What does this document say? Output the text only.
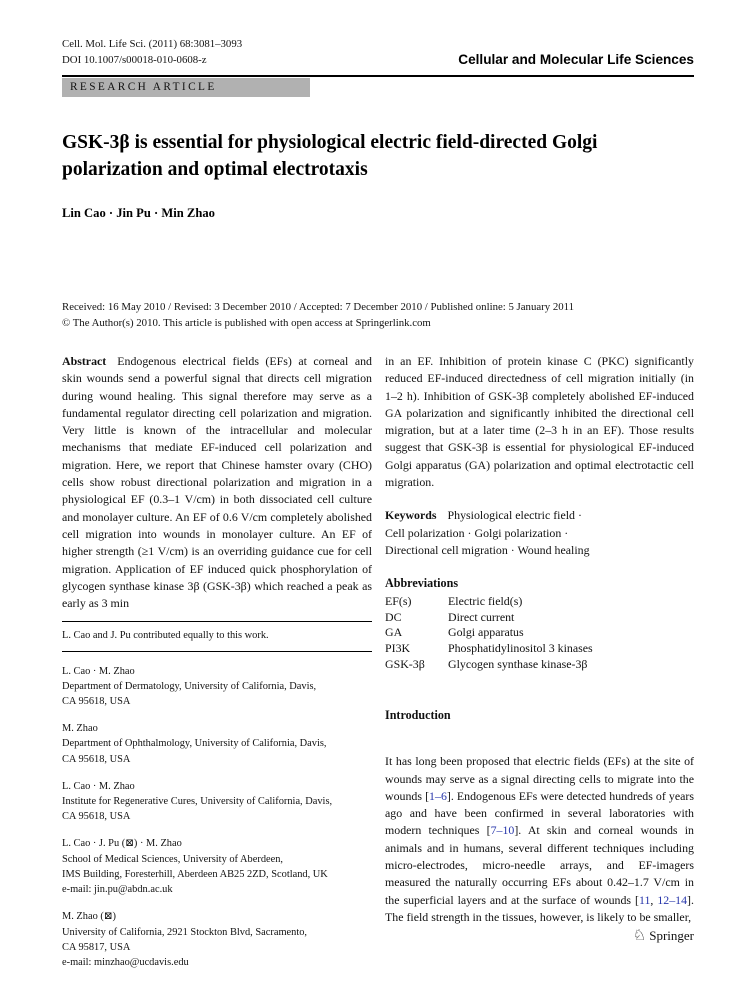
Cell. Mol. Life Sci. (2011) 68:3081–3093
DOI 10.1007/s00018-010-0608-z	Cellular and Molecular Life Sciences
RESEARCH ARTICLE
GSK-3β is essential for physiological electric field-directed Golgi polarization and optimal electrotaxis
Lin Cao · Jin Pu · Min Zhao
Received: 16 May 2010 / Revised: 3 December 2010 / Accepted: 7 December 2010 / Published online: 5 January 2011
© The Author(s) 2010. This article is published with open access at Springerlink.com

Abstract Endogenous electrical fields (EFs) at corneal and skin wounds send a powerful signal that directs cell migration during wound healing. This signal therefore may serve as a fundamental regulator directing cell polarization and migration. Very little is known of the intracellular and molecular mechanisms that mediate EF-induced cell polarization and migration. Here, we report that Chinese hamster ovary (CHO) cells show robust directional polarization and migration in a physiological EF (0.3–1 V/cm) in both dissociated cell culture and monolayer culture. An EF of 0.6 V/cm completely abolished cell migration into wounds in monolayer culture. An EF of higher strength (≥1 V/cm) is an overriding guidance cue for cell migration. Application of EF induced quick phosphorylation of glycogen synthase kinase 3β (GSK-3β) which reached a peak as early as 3 min

L. Cao and J. Pu contributed equally to this work.
L. Cao · M. Zhao
Department of Dermatology, University of California, Davis,
CA 95618, USA
M. Zhao
Department of Ophthalmology, University of California, Davis,
CA 95618, USA
L. Cao · M. Zhao
Institute for Regenerative Cures, University of California, Davis,
CA 95618, USA
L. Cao · J. Pu (⊠) · M. Zhao
School of Medical Sciences, University of Aberdeen,
IMS Building, Foresterhill, Aberdeen AB25 2ZD, Scotland, UK
e-mail: jin.pu@abdn.ac.uk
M. Zhao (⊠)
University of California, 2921 Stockton Blvd, Sacramento,
CA 95817, USA
e-mail: minzhao@ucdavis.edu

in an EF. Inhibition of protein kinase C (PKC) significantly reduced EF-induced directedness of cell migration initially (in 1–2 h). Inhibition of GSK-3β completely abolished EF-induced GA polarization and significantly inhibited the directional cell migration, but at a later time (2–3 h in an EF). Those results suggest that GSK-3β is essential for physiological EF-induced Golgi apparatus (GA) polarization and optimal electrotactic cell migration.

Keywords Physiological electric field ·
Cell polarization · Golgi polarization ·
Directional cell migration · Wound healing

Abbreviations
EF(s)	Electric field(s)
DC	Direct current
GA	Golgi apparatus
PI3K	Phosphatidylinositol 3 kinases
GSK-3β	Glycogen synthase kinase-3β
Introduction

It has long been proposed that electric fields (EFs) at the site of wounds may serve as a signal directing cells to migrate into the wounds [1–6]. Endogenous EFs were detected hundreds of years ago and have been confirmed in several laboratories with modern techniques [7–10]. At skin and corneal wounds in animals and in humans, several different techniques including micro-electrodes, micro-needle arrays, and EF-imagers measured the naturally occurring EFs about 0.42–1.7 V/cm in the superficial layers and at the surface of wounds [11, 12–14]. The field strength in the tissues, however, is likely to be smaller,

♘ Springer
